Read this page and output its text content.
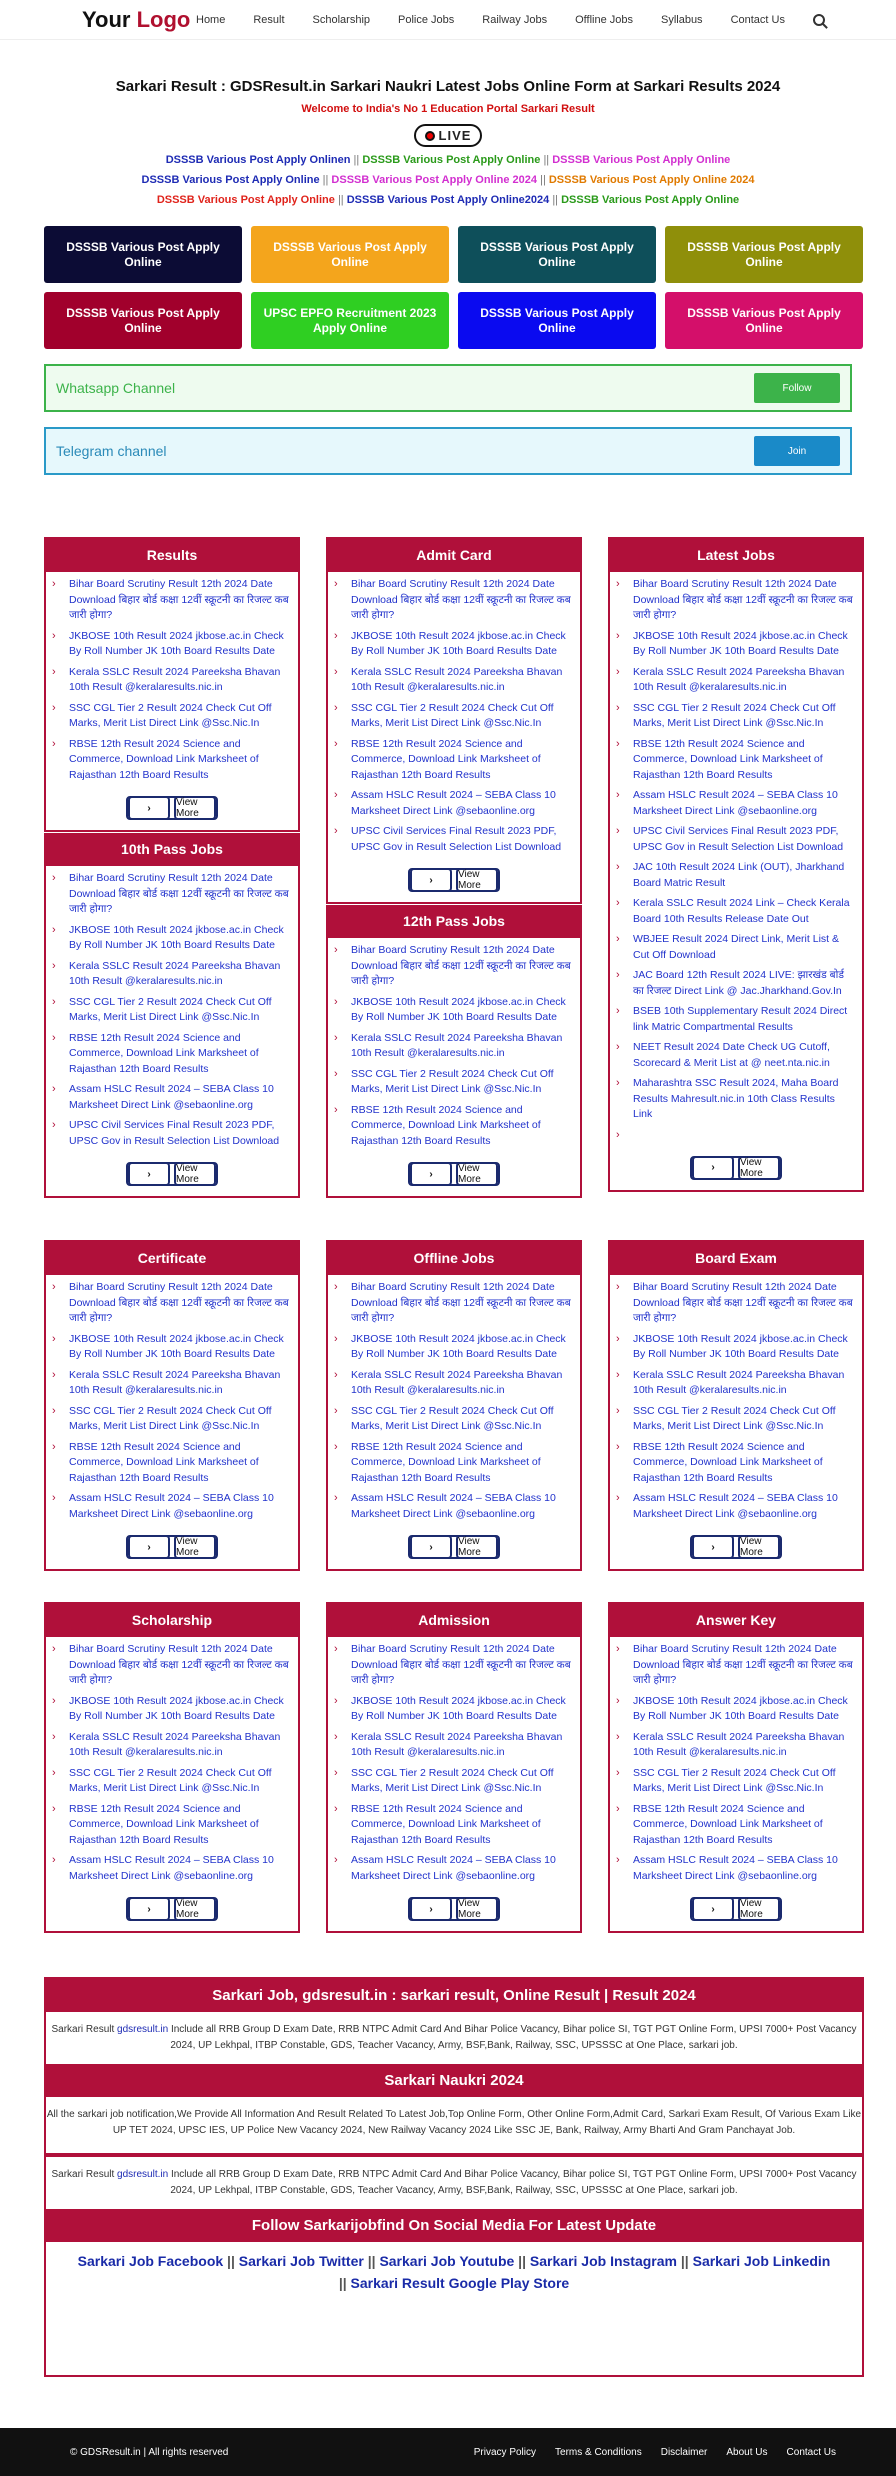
Your Logo Home	Result	Scholarship	Police Jobs	Railway Jobs	Offline Jobs	Syllabus	Contact Us
Sarkari Result : GDSResult.in Sarkari Naukri Latest Jobs Online Form at Sarkari Results 2024
Welcome to India's No 1 Education Portal Sarkari Result
LIVE
DSSSB Various Post Apply Onlinen || DSSSB Various Post Apply Online || DSSSB Various Post Apply Online
DSSSB Various Post Apply Online || DSSSB Various Post Apply Online 2024 || DSSSB Various Post Apply Online 2024
DSSSB Various Post Apply Online || DSSSB Various Post Apply Online2024 || DSSSB Various Post Apply Online
DSSSB Various Post Apply Online
DSSSB Various Post Apply Online
DSSSB Various Post Apply Online
DSSSB Various Post Apply Online
DSSSB Various Post Apply Online
UPSC EPFO Recruitment 2023 Apply Online
DSSSB Various Post Apply Online
DSSSB Various Post Apply Online
Whatsapp Channel	Follow
Telegram channel	Join
Results
›	Bihar Board Scrutiny Result 12th 2024 Date Download बिहार बोर्ड कक्षा 12वीं स्क्रूटनी का रिजल्ट कब जारी होगा?
›	JKBOSE 10th Result 2024 jkbose.ac.in Check By Roll Number JK 10th Board Results Date
›	Kerala SSLC Result 2024 Pareeksha Bhavan 10th Result @keralaresults.nic.in
›	SSC CGL Tier 2 Result 2024 Check Cut Off Marks, Merit List Direct Link @Ssc.Nic.In
›	RBSE 12th Result 2024 Science and Commerce, Download Link Marksheet of Rajasthan 12th Board Results
›	View More
Admit Card
›	Bihar Board Scrutiny Result 12th 2024 Date Download बिहार बोर्ड कक्षा 12वीं स्क्रूटनी का रिजल्ट कब जारी होगा?
›	JKBOSE 10th Result 2024 jkbose.ac.in Check By Roll Number JK 10th Board Results Date
›	Kerala SSLC Result 2024 Pareeksha Bhavan 10th Result @keralaresults.nic.in
›	SSC CGL Tier 2 Result 2024 Check Cut Off Marks, Merit List Direct Link @Ssc.Nic.In
›	RBSE 12th Result 2024 Science and Commerce, Download Link Marksheet of Rajasthan 12th Board Results
›	Assam HSLC Result 2024 – SEBA Class 10 Marksheet Direct Link @sebaonline.org
›	UPSC Civil Services Final Result 2023 PDF, UPSC Gov in Result Selection List Download
›	View More
Latest Jobs
›	Bihar Board Scrutiny Result 12th 2024 Date Download बिहार बोर्ड कक्षा 12वीं स्क्रूटनी का रिजल्ट कब जारी होगा?
›	JKBOSE 10th Result 2024 jkbose.ac.in Check By Roll Number JK 10th Board Results Date
›	Kerala SSLC Result 2024 Pareeksha Bhavan 10th Result @keralaresults.nic.in
›	SSC CGL Tier 2 Result 2024 Check Cut Off Marks, Merit List Direct Link @Ssc.Nic.In
›	RBSE 12th Result 2024 Science and Commerce, Download Link Marksheet of Rajasthan 12th Board Results
›	Assam HSLC Result 2024 – SEBA Class 10 Marksheet Direct Link @sebaonline.org
›	UPSC Civil Services Final Result 2023 PDF, UPSC Gov in Result Selection List Download
›	JAC 10th Result 2024 Link (OUT), Jharkhand Board Matric Result
›	Kerala SSLC Result 2024 Link – Check Kerala Board 10th Results Release Date Out
›	WBJEE Result 2024 Direct Link, Merit List & Cut Off Download
›	JAC Board 12th Result 2024 LIVE: झारखंड बोर्ड का रिजल्ट Direct Link @ Jac.Jharkhand.Gov.In
›	BSEB 10th Supplementary Result 2024 Direct link Matric Compartmental Results
›	NEET Result 2024 Date Check UG Cutoff, Scorecard & Merit List at @ neet.nta.nic.in
›	Maharashtra SSC Result 2024, Maha Board Results Mahresult.nic.in 10th Class Results Link
›
›	View More
10th Pass Jobs
›	Bihar Board Scrutiny Result 12th 2024 Date Download बिहार बोर्ड कक्षा 12वीं स्क्रूटनी का रिजल्ट कब जारी होगा?
›	JKBOSE 10th Result 2024 jkbose.ac.in Check By Roll Number JK 10th Board Results Date
›	Kerala SSLC Result 2024 Pareeksha Bhavan 10th Result @keralaresults.nic.in
›	SSC CGL Tier 2 Result 2024 Check Cut Off Marks, Merit List Direct Link @Ssc.Nic.In
›	RBSE 12th Result 2024 Science and Commerce, Download Link Marksheet of Rajasthan 12th Board Results
›	Assam HSLC Result 2024 – SEBA Class 10 Marksheet Direct Link @sebaonline.org
›	UPSC Civil Services Final Result 2023 PDF, UPSC Gov in Result Selection List Download
›	View More
12th Pass Jobs
›	Bihar Board Scrutiny Result 12th 2024 Date Download बिहार बोर्ड कक्षा 12वीं स्क्रूटनी का रिजल्ट कब जारी होगा?
›	JKBOSE 10th Result 2024 jkbose.ac.in Check By Roll Number JK 10th Board Results Date
›	Kerala SSLC Result 2024 Pareeksha Bhavan 10th Result @keralaresults.nic.in
›	SSC CGL Tier 2 Result 2024 Check Cut Off Marks, Merit List Direct Link @Ssc.Nic.In
›	RBSE 12th Result 2024 Science and Commerce, Download Link Marksheet of Rajasthan 12th Board Results
›	View More
Certificate
›	Bihar Board Scrutiny Result 12th 2024 Date Download बिहार बोर्ड कक्षा 12वीं स्क्रूटनी का रिजल्ट कब जारी होगा?
›	JKBOSE 10th Result 2024 jkbose.ac.in Check By Roll Number JK 10th Board Results Date
›	Kerala SSLC Result 2024 Pareeksha Bhavan 10th Result @keralaresults.nic.in
›	SSC CGL Tier 2 Result 2024 Check Cut Off Marks, Merit List Direct Link @Ssc.Nic.In
›	RBSE 12th Result 2024 Science and Commerce, Download Link Marksheet of Rajasthan 12th Board Results
›	Assam HSLC Result 2024 – SEBA Class 10 Marksheet Direct Link @sebaonline.org
›	View More
Offline Jobs
›	Bihar Board Scrutiny Result 12th 2024 Date Download बिहार बोर्ड कक्षा 12वीं स्क्रूटनी का रिजल्ट कब जारी होगा?
›	JKBOSE 10th Result 2024 jkbose.ac.in Check By Roll Number JK 10th Board Results Date
›	Kerala SSLC Result 2024 Pareeksha Bhavan 10th Result @keralaresults.nic.in
›	SSC CGL Tier 2 Result 2024 Check Cut Off Marks, Merit List Direct Link @Ssc.Nic.In
›	RBSE 12th Result 2024 Science and Commerce, Download Link Marksheet of Rajasthan 12th Board Results
›	Assam HSLC Result 2024 – SEBA Class 10 Marksheet Direct Link @sebaonline.org
›	View More
Board Exam
›	Bihar Board Scrutiny Result 12th 2024 Date Download बिहार बोर्ड कक्षा 12वीं स्क्रूटनी का रिजल्ट कब जारी होगा?
›	JKBOSE 10th Result 2024 jkbose.ac.in Check By Roll Number JK 10th Board Results Date
›	Kerala SSLC Result 2024 Pareeksha Bhavan 10th Result @keralaresults.nic.in
›	SSC CGL Tier 2 Result 2024 Check Cut Off Marks, Merit List Direct Link @Ssc.Nic.In
›	RBSE 12th Result 2024 Science and Commerce, Download Link Marksheet of Rajasthan 12th Board Results
›	Assam HSLC Result 2024 – SEBA Class 10 Marksheet Direct Link @sebaonline.org
›	View More
Scholarship
›	Bihar Board Scrutiny Result 12th 2024 Date Download बिहार बोर्ड कक्षा 12वीं स्क्रूटनी का रिजल्ट कब जारी होगा?
›	JKBOSE 10th Result 2024 jkbose.ac.in Check By Roll Number JK 10th Board Results Date
›	Kerala SSLC Result 2024 Pareeksha Bhavan 10th Result @keralaresults.nic.in
›	SSC CGL Tier 2 Result 2024 Check Cut Off Marks, Merit List Direct Link @Ssc.Nic.In
›	RBSE 12th Result 2024 Science and Commerce, Download Link Marksheet of Rajasthan 12th Board Results
›	Assam HSLC Result 2024 – SEBA Class 10 Marksheet Direct Link @sebaonline.org
›	View More
Admission
›	Bihar Board Scrutiny Result 12th 2024 Date Download बिहार बोर्ड कक्षा 12वीं स्क्रूटनी का रिजल्ट कब जारी होगा?
›	JKBOSE 10th Result 2024 jkbose.ac.in Check By Roll Number JK 10th Board Results Date
›	Kerala SSLC Result 2024 Pareeksha Bhavan 10th Result @keralaresults.nic.in
›	SSC CGL Tier 2 Result 2024 Check Cut Off Marks, Merit List Direct Link @Ssc.Nic.In
›	RBSE 12th Result 2024 Science and Commerce, Download Link Marksheet of Rajasthan 12th Board Results
›	Assam HSLC Result 2024 – SEBA Class 10 Marksheet Direct Link @sebaonline.org
›	View More
Answer Key
›	Bihar Board Scrutiny Result 12th 2024 Date Download बिहार बोर्ड कक्षा 12वीं स्क्रूटनी का रिजल्ट कब जारी होगा?
›	JKBOSE 10th Result 2024 jkbose.ac.in Check By Roll Number JK 10th Board Results Date
›	Kerala SSLC Result 2024 Pareeksha Bhavan 10th Result @keralaresults.nic.in
›	SSC CGL Tier 2 Result 2024 Check Cut Off Marks, Merit List Direct Link @Ssc.Nic.In
›	RBSE 12th Result 2024 Science and Commerce, Download Link Marksheet of Rajasthan 12th Board Results
›	Assam HSLC Result 2024 – SEBA Class 10 Marksheet Direct Link @sebaonline.org
›	View More
Sarkari Job, gdsresult.in : sarkari result, Online Result | Result 2024
Sarkari Result gdsresult.in Include all RRB Group D Exam Date, RRB NTPC Admit Card And Bihar Police Vacancy, Bihar police SI, TGT PGT Online Form, UPSI 7000+ Post Vacancy 2024, UP Lekhpal, ITBP Constable, GDS, Teacher Vacancy, Army, BSF,Bank, Railway, SSC, UPSSSC at One Place, sarkari job.
Sarkari Naukri 2024
All the sarkari job notification,We Provide All Information And Result Related To Latest Job,Top Online Form, Other Online Form,Admit Card, Sarkari Exam Result, Of Various Exam Like UP TET 2024, UPSC IES, UP Police New Vacancy 2024, New Railway Vacancy 2024 Like SSC JE, Bank, Railway, Army Bharti And Gram Panchayat Job.
Sarkari Result gdsresult.in Include all RRB Group D Exam Date, RRB NTPC Admit Card And Bihar Police Vacancy, Bihar police SI, TGT PGT Online Form, UPSI 7000+ Post Vacancy 2024, UP Lekhpal, ITBP Constable, GDS, Teacher Vacancy, Army, BSF,Bank, Railway, SSC, UPSSSC at One Place, sarkari job.
Follow Sarkarijobfind On Social Media For Latest Update
Sarkari Job Facebook || Sarkari Job Twitter || Sarkari Job Youtube || Sarkari Job Instagram || Sarkari Job Linkedin || Sarkari Result Google Play Store
© GDSResult.in | All rights reserved	Privacy Policy Terms & Conditions Disclaimer About Us Contact Us
